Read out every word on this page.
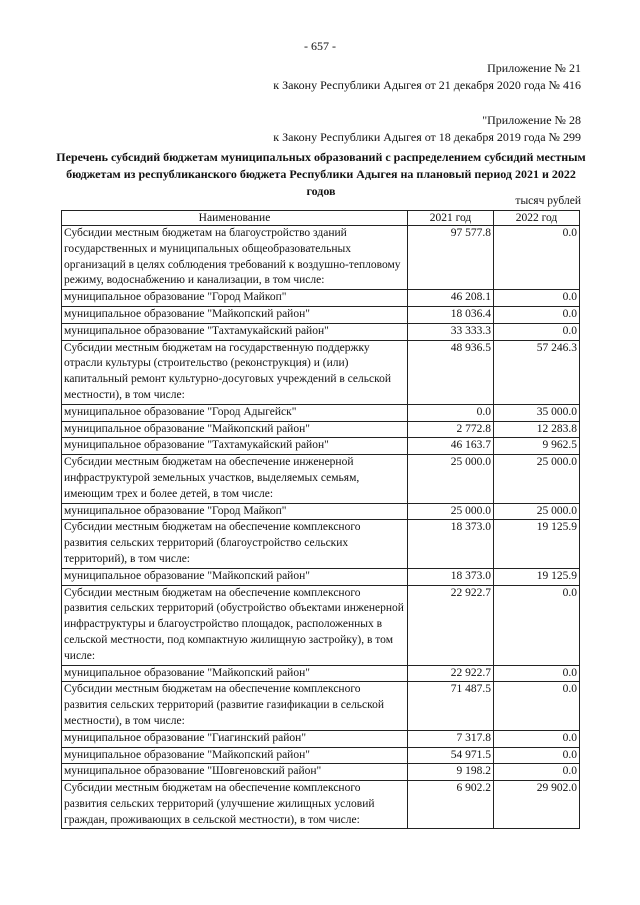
- 657 -
Приложение № 21
к Закону Республики Адыгея от 21 декабря 2020 года № 416
"Приложение № 28
к Закону Республики Адыгея от 18 декабря 2019 года № 299
Перечень субсидий бюджетам муниципальных образований с распределением субсидий местным бюджетам из республиканского бюджета Республики Адыгея на плановый период 2021 и 2022 годов
тысяч рублей
Наименование	2021 год	2022 год
Субсидии местным бюджетам на благоустройство зданий государственных и муниципальных общеобразовательных организаций в целях соблюдения требований к воздушно-тепловому режиму, водоснабжению и канализации, в том числе:	97 577.8	0.0
муниципальное образование "Город Майкоп"	46 208.1	0.0
муниципальное образование "Майкопский район"	18 036.4	0.0
муниципальное образование "Тахтамукайский район"	33 333.3	0.0
Субсидии местным бюджетам на государственную поддержку отрасли культуры (строительство (реконструкция) и (или) капитальный ремонт культурно-досуговых учреждений в сельской местности), в том числе:	48 936.5	57 246.3
муниципальное образование "Город Адыгейск"	0.0	35 000.0
муниципальное образование "Майкопский район"	2 772.8	12 283.8
муниципальное образование "Тахтамукайский район"	46 163.7	9 962.5
Субсидии местным бюджетам на обеспечение инженерной инфраструктурой земельных участков, выделяемых семьям, имеющим трех и более детей, в том числе:	25 000.0	25 000.0
муниципальное образование "Город Майкоп"	25 000.0	25 000.0
Субсидии местным бюджетам на обеспечение комплексного развития сельских территорий (благоустройство сельских территорий), в том числе:	18 373.0	19 125.9
муниципальное образование "Майкопский район"	18 373.0	19 125.9
Субсидии местным бюджетам на обеспечение комплексного развития сельских территорий (обустройство объектами инженерной инфраструктуры и благоустройство площадок, расположенных в сельской местности, под компактную жилищную застройку), в том числе:	22 922.7	0.0
муниципальное образование "Майкопский район"	22 922.7	0.0
Субсидии местным бюджетам на обеспечение комплексного развития сельских территорий (развитие газификации в сельской местности), в том числе:	71 487.5	0.0
муниципальное образование "Гиагинский район"	7 317.8	0.0
муниципальное образование "Майкопский район"	54 971.5	0.0
муниципальное образование "Шовгеновский район"	9 198.2	0.0
Субсидии местным бюджетам на обеспечение комплексного развития сельских территорий (улучшение жилищных условий граждан, проживающих в сельской местности), в том числе:	6 902.2	29 902.0
